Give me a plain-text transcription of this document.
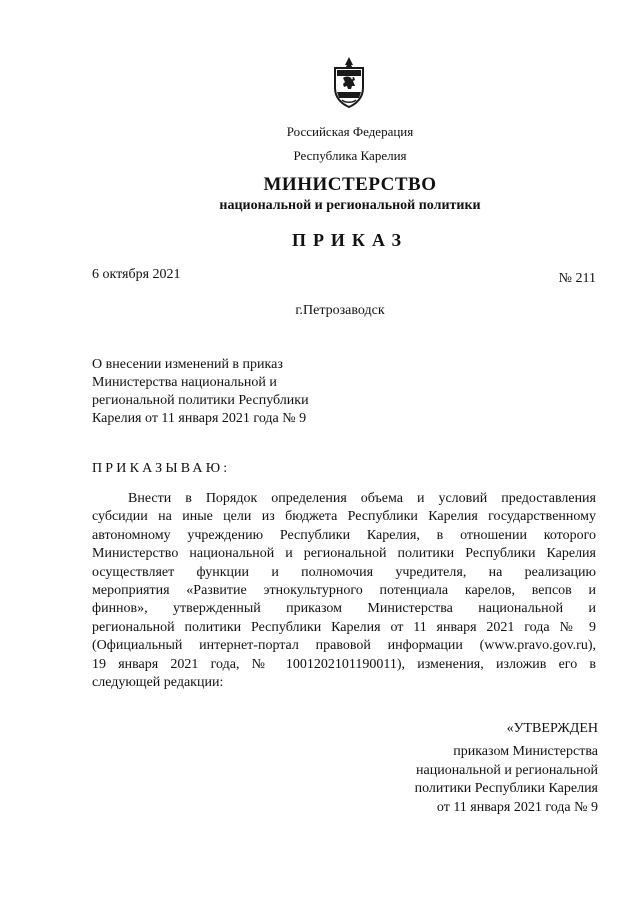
Российская Федерация
Республика Карелия
МИНИСТЕРСТВО
национальной и региональной политики
ПРИКАЗ
6 октября 2021	№ 211
г.Петрозаводск
О внесении изменений в приказ
Министерства национальной и
региональной политики Республики
Карелия от 11 января 2021 года № 9
ПРИКАЗЫВАЮ:
Внести в Порядок определения объема и условий предоставления
субсидии на иные цели из бюджета Республики Карелия государственному
автономному учреждению Республики Карелия, в отношении которого
Министерство национальной и региональной политики Республики Карелия
осуществляет функции и полномочия учредителя, на реализацию
мероприятия «Развитие этнокультурного потенциала карелов, вепсов и
финнов», утвержденный приказом Министерства национальной и
региональной политики Республики Карелия от 11 января 2021 года № 9
(Официальный интернет-портал правовой информации (www.pravo.gov.ru),
19 января 2021 года, № 1001202101190011), изменения, изложив его в
следующей редакции:
«УТВЕРЖДЕН
приказом Министерства
национальной и региональной
политики Республики Карелия
от 11 января 2021 года № 9
